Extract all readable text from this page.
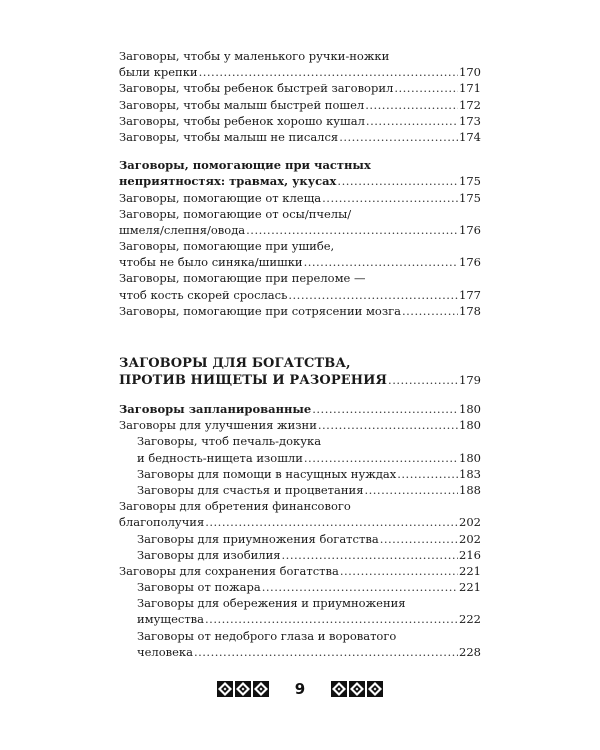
Заговоры, чтобы у маленького ручки-ножки
были крепки .....	170
Заговоры, чтобы ребенок быстрей заговорил .....	171
Заговоры, чтобы малыш быстрей пошел .....	172
Заговоры, чтобы ребенок хорошо кушал .....	173
Заговоры, чтобы малыш не писался .....	174
Заговоры, помогающие при частных
неприятностях: травмах, укусах .....	175
Заговоры, помогающие от клеща .....	175
Заговоры, помогающие от осы/пчелы/
шмеля/слепня/овода .....	176
Заговоры, помогающие при ушибе,
чтобы не было синяка/шишки .....	176
Заговоры, помогающие при переломе —
чтоб кость скорей срослась .....	177
Заговоры, помогающие при сотрясении мозга .....	178
ЗАГОВОРЫ ДЛЯ БОГАТСТВА,
ПРОТИВ НИЩЕТЫ И РАЗОРЕНИЯ .....	179
Заговоры запланированные .....	180
Заговоры для улучшения жизни .....	180
Заговоры, чтоб печаль-докука
и бедность-нищета изошли .....	180
Заговоры для помощи в насущных нуждах .....	183
Заговоры для счастья и процветания .....	188
Заговоры для обретения финансового
благополучия .....	202
Заговоры для приумножения богатства .....	202
Заговоры для изобилия .....	216
Заговоры для сохранения богатства .....	221
Заговоры от пожара .....	221
Заговоры для обережения и приумножения
имущества .....	222
Заговоры от недоброго глаза и вороватого
человека .....	228
9
